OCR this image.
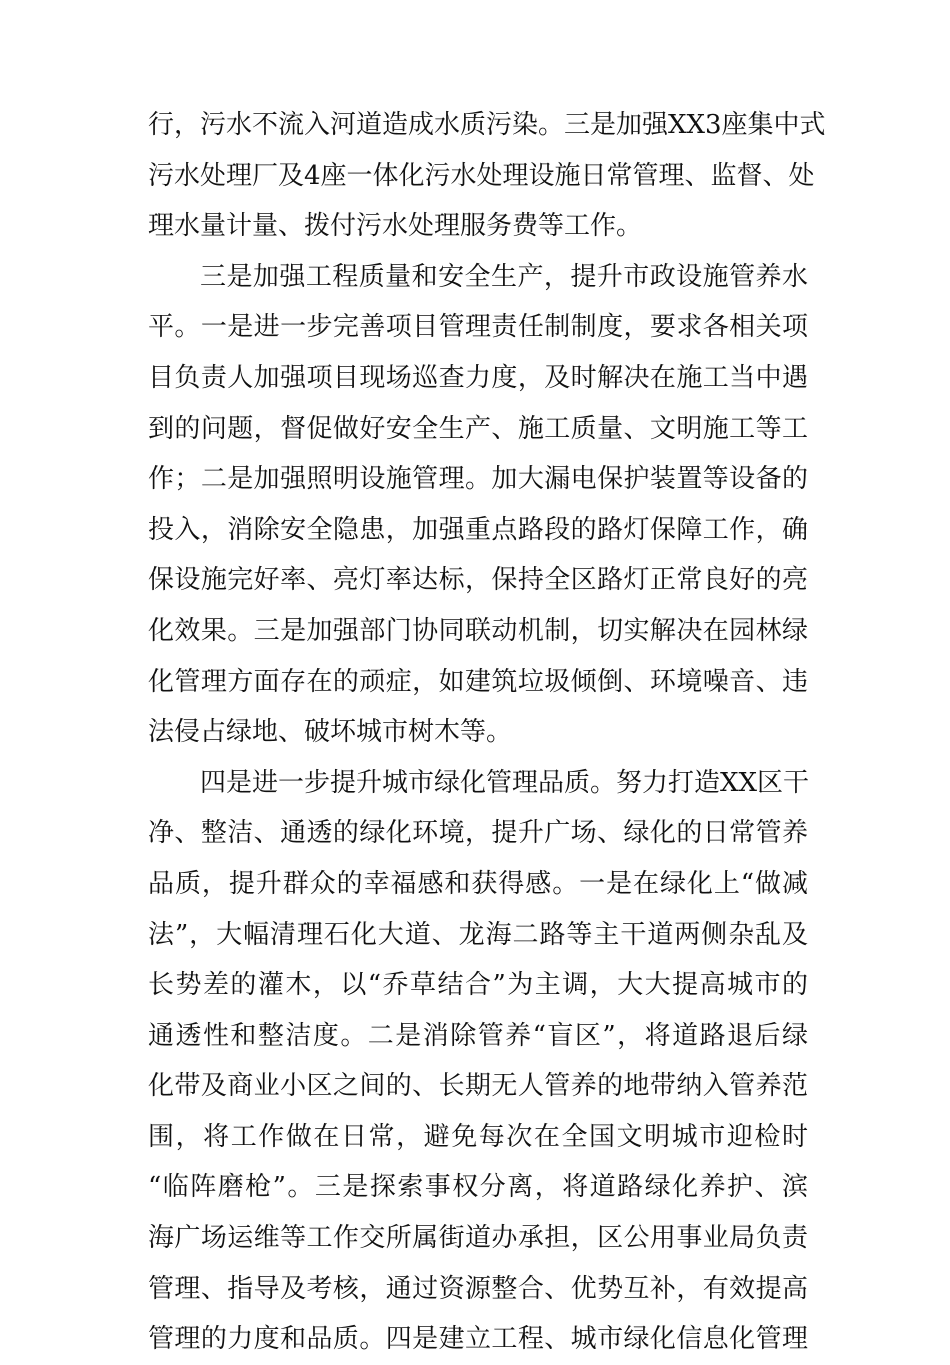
行，污水不流入河道造成水质污染。三是加强XX3座集中式
污水处理厂及4座一体化污水处理设施日常管理、监督、处
理水量计量、拨付污水处理服务费等工作。
三是加强工程质量和安全生产，提升市政设施管养水
平。一是进一步完善项目管理责任制制度，要求各相关项
目负责人加强项目现场巡查力度，及时解决在施工当中遇
到的问题，督促做好安全生产、施工质量、文明施工等工
作；二是加强照明设施管理。加大漏电保护装置等设备的
投入，消除安全隐患，加强重点路段的路灯保障工作，确
保设施完好率、亮灯率达标，保持全区路灯正常良好的亮
化效果。三是加强部门协同联动机制，切实解决在园林绿
化管理方面存在的顽症，如建筑垃圾倾倒、环境噪音、违
法侵占绿地、破坏城市树木等。
四是进一步提升城市绿化管理品质。努力打造XX区干
净、整洁、通透的绿化环境，提升广场、绿化的日常管养
品质，提升群众的幸福感和获得感。一是在绿化上“做减
法”，大幅清理石化大道、龙海二路等主干道两侧杂乱及
长势差的灌木，以“乔草结合”为主调，大大提高城市的
通透性和整洁度。二是消除管养“盲区”，将道路退后绿
化带及商业小区之间的、长期无人管养的地带纳入管养范
围，将工作做在日常，避免每次在全国文明城市迎检时
“临阵磨枪”。三是探索事权分离，将道路绿化养护、滨
海广场运维等工作交所属街道办承担，区公用事业局负责
管理、指导及考核，通过资源整合、优势互补，有效提高
管理的力度和品质。四是建立工程、城市绿化信息化管理
